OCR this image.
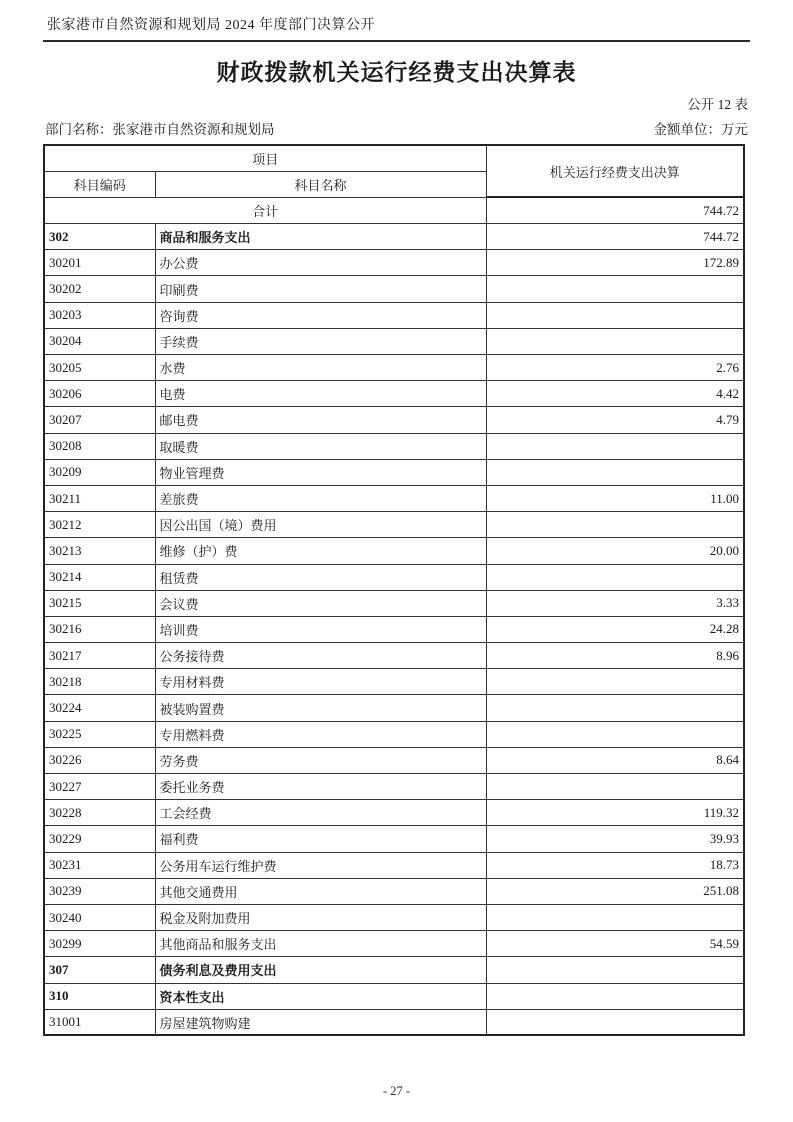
张家港市自然资源和规划局 2024 年度部门决算公开
财政拨款机关运行经费支出决算表
公开 12 表
部门名称：张家港市自然资源和规划局	金额单位：万元
项目		机关运行经费支出决算
科目编码	科目名称	
合计		744.72
302	商品和服务支出	744.72
30201	办公费	172.89
30202	印刷费	
30203	咨询费	
30204	手续费	
30205	水费	2.76
30206	电费	4.42
30207	邮电费	4.79
30208	取暖费	
30209	物业管理费	
30211	差旅费	11.00
30212	因公出国（境）费用	
30213	维修（护）费	20.00
30214	租赁费	
30215	会议费	3.33
30216	培训费	24.28
30217	公务接待费	8.96
30218	专用材料费	
30224	被装购置费	
30225	专用燃料费	
30226	劳务费	8.64
30227	委托业务费	
30228	工会经费	119.32
30229	福利费	39.93
30231	公务用车运行维护费	18.73
30239	其他交通费用	251.08
30240	税金及附加费用	
30299	其他商品和服务支出	54.59
307	债务利息及费用支出	
310	资本性支出	
31001	房屋建筑物购建	
- 27 -
